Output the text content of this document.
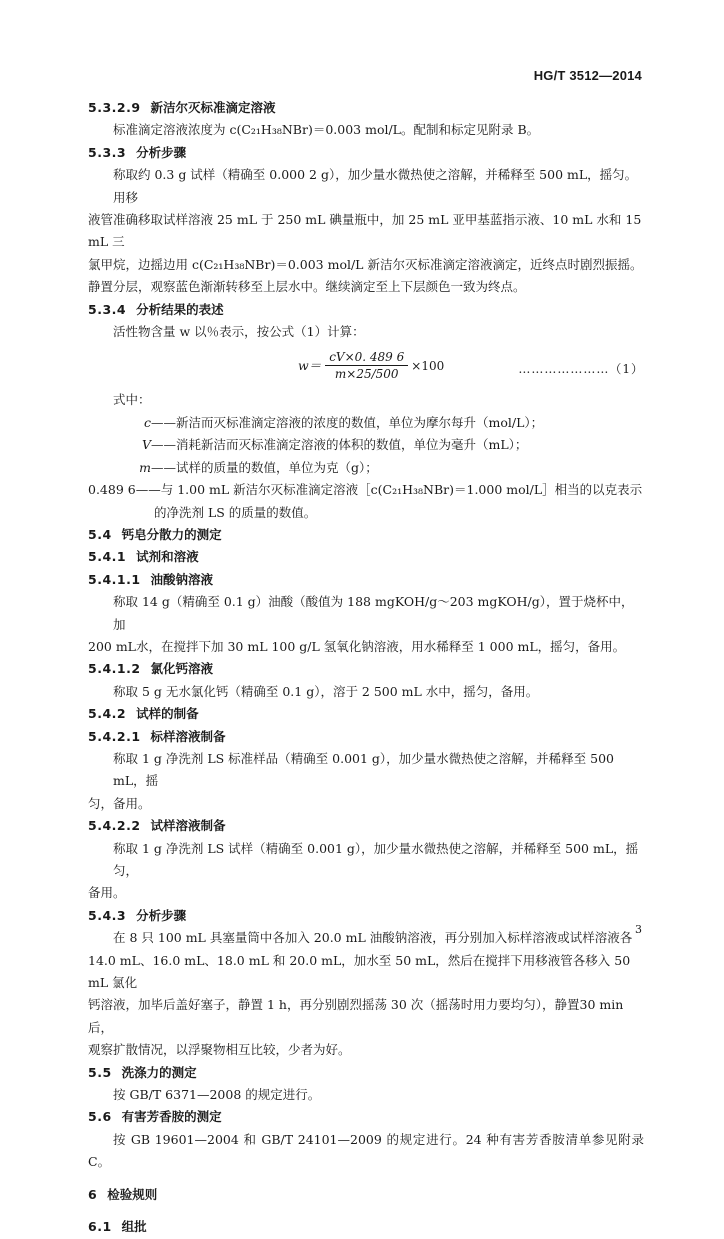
HG/T 3512—2014
5.3.2.9 新洁尔灭标准滴定溶液
标准滴定溶液浓度为 c(C₂₁H₃₈NBr)＝0.003 mol/L。配制和标定见附录 B。
5.3.3 分析步骤
称取约 0.3 g 试样（精确至 0.000 2 g），加少量水微热使之溶解，并稀释至 500 mL，摇匀。用移
液管准确移取试样溶液 25 mL 于 250 mL 碘量瓶中，加 25 mL 亚甲基蓝指示液、10 mL 水和 15 mL 三
氯甲烷，边摇边用 c(C₂₁H₃₈NBr)＝0.003 mol/L 新洁尔灭标准滴定溶液滴定，近终点时剧烈振摇。
静置分层，观察蓝色渐渐转移至上层水中。继续滴定至上下层颜色一致为终点。
5.3.4 分析结果的表述
活性物含量 w 以％表示，按公式（1）计算：
$w= \frac{cV\times 0. 489 6}{m\times 25/500} \times 100$	…………………（1）
式中：
c—— 新洁而灭标准滴定溶液的浓度的数值，单位为摩尔每升（mol/L）；
V—— 消耗新洁而灭标准滴定溶液的体积的数值，单位为毫升（mL）；
m—— 试样的质量的数值，单位为克（g）；
0.489 6—— 与 1.00 mL 新洁尔灭标准滴定溶液［c(C₂₁H₃₈NBr)＝1.000 mol/L］相当的以克表示
的净洗剂 LS 的质量的数值。
5.4 钙皂分散力的测定
5.4.1 试剂和溶液
5.4.1.1 油酸钠溶液
称取 14 g（精确至 0.1 g）油酸（酸值为 188 mgKOH/g～203 mgKOH/g），置于烧杯中，加
200 mL水，在搅拌下加 30 mL 100 g/L 氢氧化钠溶液，用水稀释至 1 000 mL，摇匀，备用。
5.4.1.2 氯化钙溶液
称取 5 g 无水氯化钙（精确至 0.1 g），溶于 2 500 mL 水中，摇匀，备用。
5.4.2 试样的制备
5.4.2.1 标样溶液制备
称取 1 g 净洗剂 LS 标准样品（精确至 0.001 g），加少量水微热使之溶解，并稀释至 500 mL，摇
匀，备用。
5.4.2.2 试样溶液制备
称取 1 g 净洗剂 LS 试样（精确至 0.001 g），加少量水微热使之溶解，并稀释至 500 mL，摇匀，
备用。
5.4.3 分析步骤
在 8 只 100 mL 具塞量筒中各加入 20.0 mL 油酸钠溶液，再分别加入标样溶液或试样溶液各
14.0 mL、16.0 mL、18.0 mL 和 20.0 mL，加水至 50 mL，然后在搅拌下用移液管各移入 50 mL 氯化
钙溶液，加毕后盖好塞子，静置 1 h，再分别剧烈摇荡 30 次（摇荡时用力要均匀），静置30 min后，
观察扩散情况，以浮聚物相互比较，少者为好。
5.5 洗涤力的测定
按 GB/T 6371—2008 的规定进行。
5.6 有害芳香胺的测定
按 GB 19601—2004 和 GB/T 24101—2009 的规定进行。24 种有害芳香胺清单参见附录 C。
6 检验规则
6.1 组批
3
